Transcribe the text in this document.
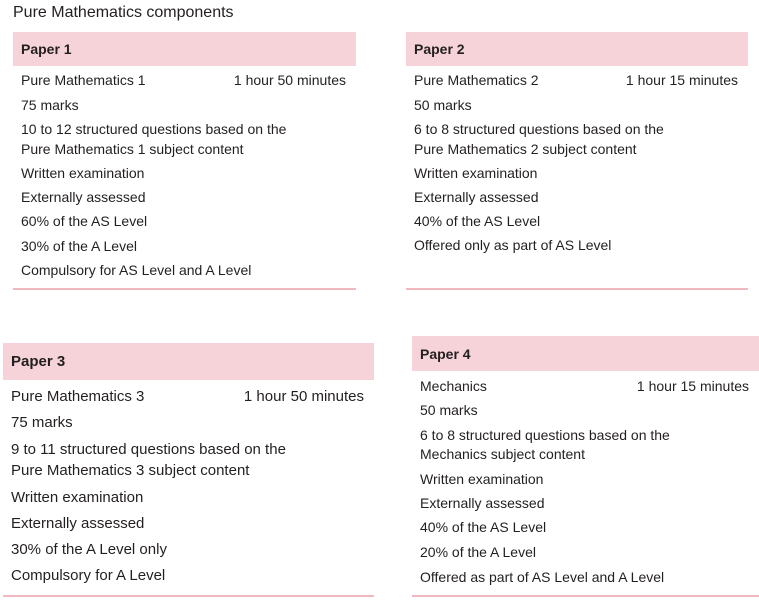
Pure Mathematics components
Paper 1
Pure Mathematics 1	1 hour 50 minutes
75 marks
10 to 12 structured questions based on the
Pure Mathematics 1 subject content
Written examination
Externally assessed
60% of the AS Level
30% of the A Level
Compulsory for AS Level and A Level
Paper 2
Pure Mathematics 2	1 hour 15 minutes
50 marks
6 to 8 structured questions based on the
Pure Mathematics 2 subject content
Written examination
Externally assessed
40% of the AS Level
Offered only as part of AS Level
Paper 3
Pure Mathematics 3	1 hour 50 minutes
75 marks
9 to 11 structured questions based on the
Pure Mathematics 3 subject content
Written examination
Externally assessed
30% of the A Level only
Compulsory for A Level
Paper 4
Mechanics	1 hour 15 minutes
50 marks
6 to 8 structured questions based on the
Mechanics subject content
Written examination
Externally assessed
40% of the AS Level
20% of the A Level
Offered as part of AS Level and A Level
